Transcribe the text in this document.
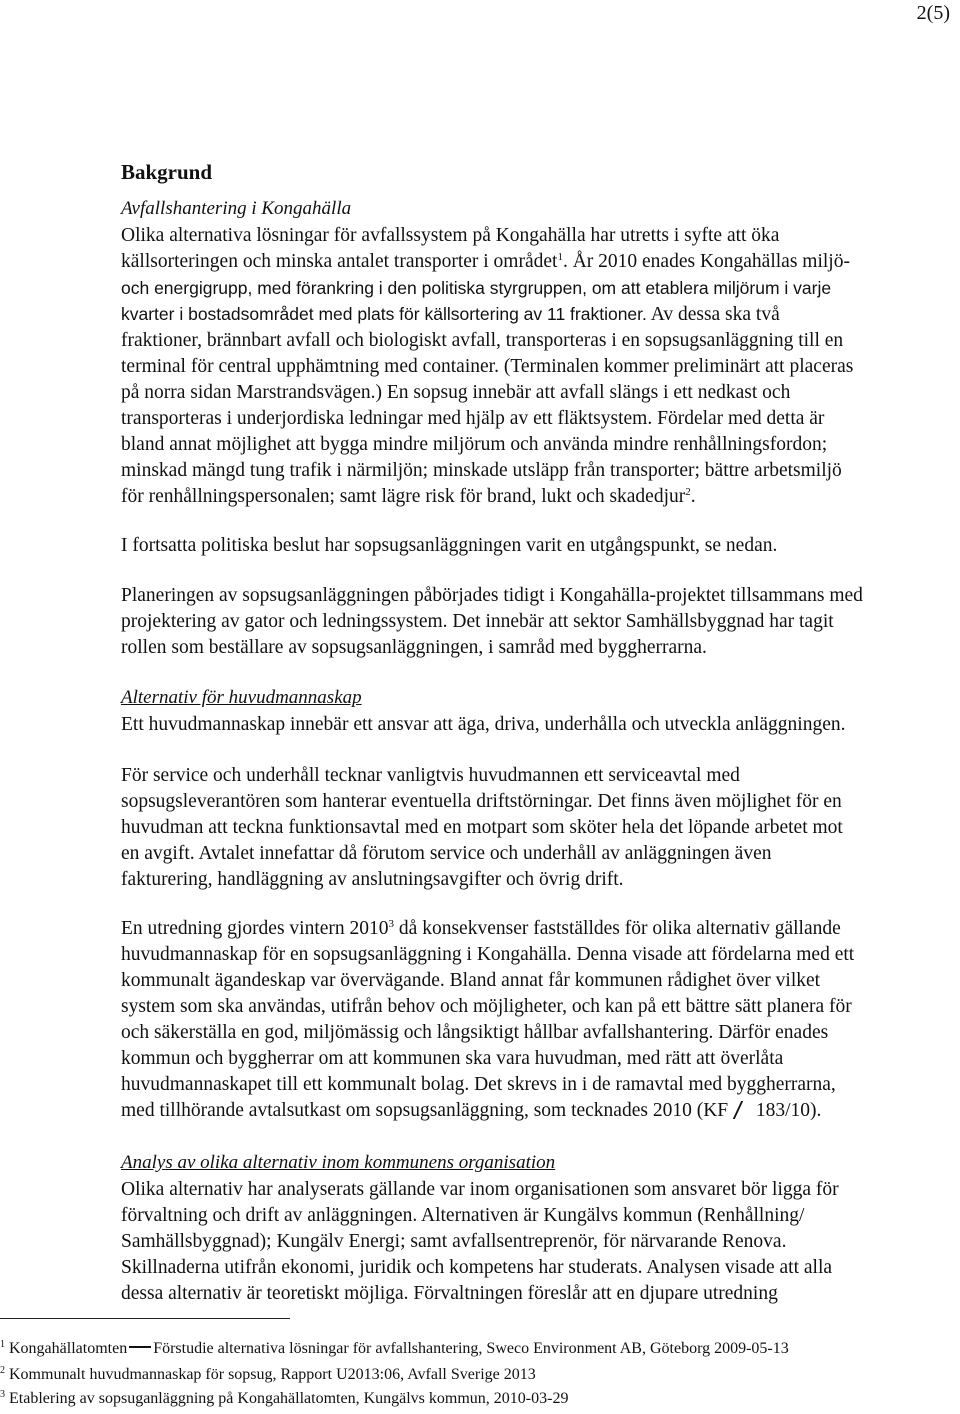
2(5)
Bakgrund
Avfallshantering i Kongahälla
Olika alternativa lösningar för avfallssystem på Kongahälla har utretts i syfte att öka
källsorteringen och minska antalet transporter i området$^1$. År 2010 enades Kongahällas miljö-
och energigrupp, med förankring i den politiska styrgruppen, om att etablera miljörum i varje
kvarter i bostadsområdet med plats för källsortering av 11 fraktioner. Av dessa ska två
fraktioner, brännbart avfall och biologiskt avfall, transporteras i en sopsugsanläggning till en
terminal för central upphämtning med container. (Terminalen kommer preliminärt att placeras
på norra sidan Marstrandsvägen.) En sopsug innebär att avfall slängs i ett nedkast och
transporteras i underjordiska ledningar med hjälp av ett fläktsystem. Fördelar med detta är
bland annat möjlighet att bygga mindre miljörum och använda mindre renhållningsfordon;
minskad mängd tung trafik i närmiljön; minskade utsläpp från transporter; bättre arbetsmiljö
för renhållningspersonalen; samt lägre risk för brand, lukt och skadedjur$^2$.
I fortsatta politiska beslut har sopsugsanläggningen varit en utgångspunkt, se nedan.
Planeringen av sopsugsanläggningen påbörjades tidigt i Kongahälla-projektet tillsammans med
projektering av gator och ledningssystem. Det innebär att sektor Samhällsbyggnad har tagit
rollen som beställare av sopsugsanläggningen, i samråd med byggherrarna.
Alternativ för huvudmannaskap
Ett huvudmannaskap innebär ett ansvar att äga, driva, underhålla och utveckla anläggningen.
För service och underhåll tecknar vanligtvis huvudmannen ett serviceavtal med
sopsugsleverantören som hanterar eventuella driftstörningar. Det finns även möjlighet för en
huvudman att teckna funktionsavtal med en motpart som sköter hela det löpande arbetet mot
en avgift. Avtalet innefattar då förutom service och underhåll av anläggningen även
fakturering, handläggning av anslutningsavgifter och övrig drift.
En utredning gjordes vintern 2010$^3$ då konsekvenser fastställdes för olika alternativ gällande
huvudmannaskap för en sopsugsanläggning i Kongahälla. Denna visade att fördelarna med ett
kommunalt ägandeskap var övervägande. Bland annat får kommunen rådighet över vilket
system som ska användas, utifrån behov och möjligheter, och kan på ett bättre sätt planera för
och säkerställa en god, miljömässig och långsiktigt hållbar avfallshantering. Därför enades
kommun och byggherrar om att kommunen ska vara huvudman, med rätt att överlåta
huvudmannaskapet till ett kommunalt bolag. Det skrevs in i de ramavtal med byggherrarna,
med tillhörande avtalsutkast om sopsugsanläggning, som tecknades 2010 (KF 183/10).
Analys av olika alternativ inom kommunens organisation
Olika alternativ har analyserats gällande var inom organisationen som ansvaret bör ligga för
förvaltning och drift av anläggningen. Alternativen är Kungälvs kommun (Renhållning/
Samhällsbyggnad); Kungälv Energi; samt avfallsentreprenör, för närvarande Renova.
Skillnaderna utifrån ekonomi, juridik och kompetens har studerats. Analysen visade att alla
dessa alternativ är teoretiskt möjliga. Förvaltningen föreslår att en djupare utredning
$^1$ Kongahällatomten Förstudie alternativa lösningar för avfallshantering, Sweco Environment AB, Göteborg 2009-05-13
$^2$ Kommunalt huvudmannaskap för sopsug, Rapport U2013:06, Avfall Sverige 2013
$^3$ Etablering av sopsuganläggning på Kongahällatomten, Kungälvs kommun, 2010-03-29
